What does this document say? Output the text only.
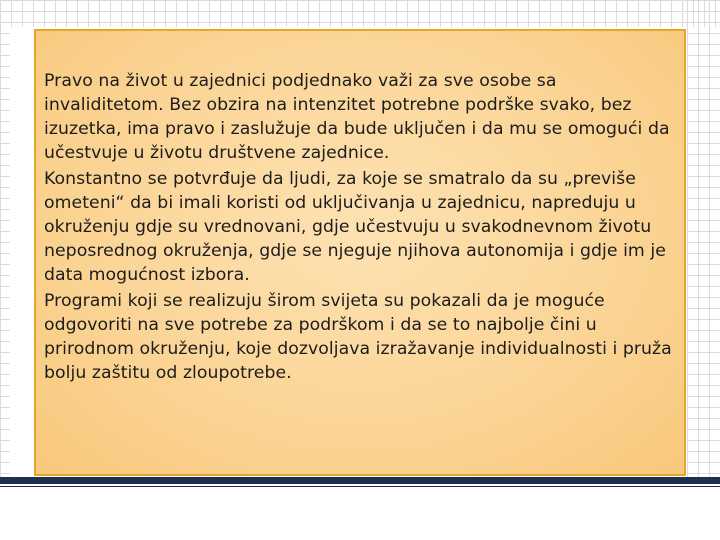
Pravo na život u zajednici podjednako važi za sve osobe sa invaliditetom. Bez obzira na intenzitet potrebne podrške svako, bez izuzetka, ima pravo i zaslužuje da bude uključen i da mu se omogući da učestvuje u životu društvene zajednice.

Konstantno se potvrđuje da ljudi, za koje se smatralo da su „previše ometeni“ da bi imali koristi od uključivanja u zajednicu, napreduju u okruženju gdje su vrednovani, gdje učestvuju u svakodnevnom životu neposrednog okruženja, gdje se njeguje njihova autonomija i gdje im je data mogućnost izbora.

Programi koji se realizuju širom svijeta su pokazali da je moguće odgovoriti na sve potrebe za podrškom i da se to najbolje čini u prirodnom okruženju, koje dozvoljava izražavanje individualnosti i pruža bolju zaštitu od zloupotrebe.
